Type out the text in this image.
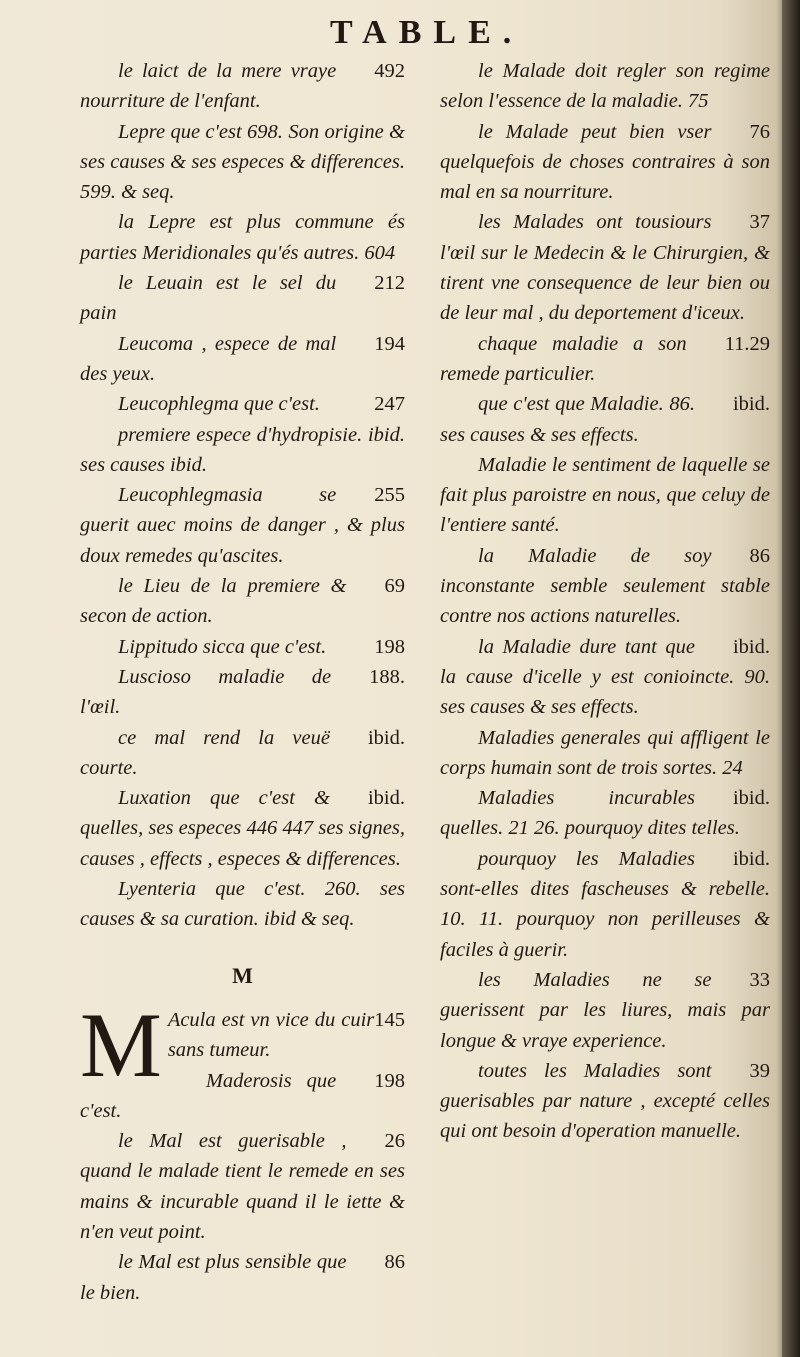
TABLE.

492
le laict de la mere vraye nourriture de l'enfant.

Lepre que c'est 698. Son origine & ses causes & ses especes & differences. 599. & seq.

la Lepre est plus commune és parties Meridionales qu'és autres. 604

212
le Leuain est le sel du pain

194
Leucoma , espece de mal des yeux.

247
Leucophlegma que c'est.

premiere espece d'hydropisie. ibid. ses causes ibid.

255
Leucophlegmasia se guerit auec moins de danger , & plus doux remedes qu'ascites.

69
le Lieu de la premiere & secon de action.

198
Lippitudo sicca que c'est.

188.
Luscioso maladie de l'œil.

ibid.
ce mal rend la veuë courte.

ibid.
Luxation que c'est & quelles, ses especes 446 447 ses signes, causes , effects , especes & differences.

Lyenteria que c'est. 260. ses causes & sa curation. ibid & seq.

M

M	145
Acula est vn vice du cuir sans tumeur.

198
Maderosis que c'est.

26
le Mal est guerisable , quand le malade tient le remede en ses mains & incurable quand il le iette & n'en veut point.

86
le Mal est plus sensible que le bien.

le Malade doit regler son regime selon l'essence de la maladie. 75

76
le Malade peut bien vser quelquefois de choses contraires à son mal en sa nourriture.

37
les Malades ont tousiours l'œil sur le Medecin & le Chirurgien, & tirent vne consequence de leur bien ou de leur mal , du deportement d'iceux.

11.29
chaque maladie a son remede particulier.

ibid.
que c'est que Maladie. 86. ses causes & ses effects.

Maladie le sentiment de laquelle se fait plus paroistre en nous, que celuy de l'entiere santé.

86
la Maladie de soy inconstante semble seulement stable contre nos actions naturelles.

ibid.
la Maladie dure tant que la cause d'icelle y est conioincte. 90. ses causes & ses effects.

Maladies generales qui affligent le corps humain sont de trois sortes. 24

ibid.
Maladies incurables quelles. 21 26. pourquoy dites telles.

ibid.
pourquoy les Maladies sont-elles dites fascheuses & rebelle. 10. 11. pourquoy non perilleuses & faciles à guerir.

33
les Maladies ne se guerissent par les liures, mais par longue & vraye experience.

39
toutes les Maladies sont guerisables par nature , excepté celles qui ont besoin d'operation manuelle.
